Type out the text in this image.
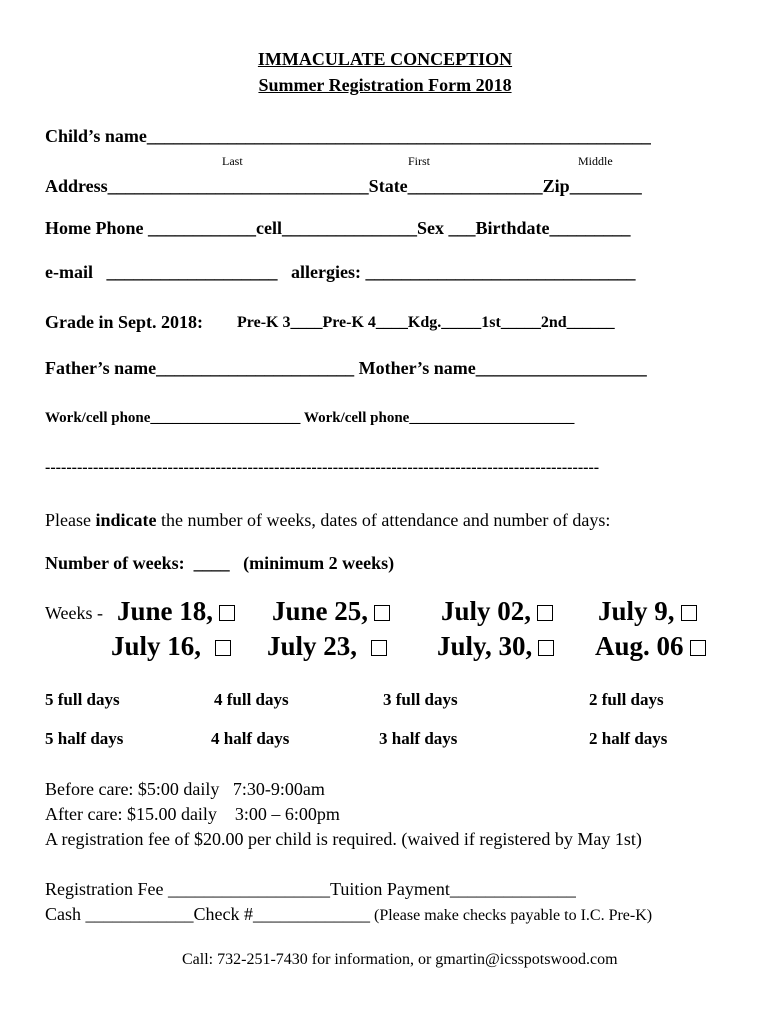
IMMACULATE CONCEPTION
Summer Registration Form 2018
Child’s name________________________________________________________
Last	First	Middle
Address_____________________________State_______________Zip________
Home Phone ____________cell_______________Sex ___Birthdate_________
e-mail   ___________________   allergies: ______________________________
Grade in Sept. 2018: Pre-K 3____Pre-K 4____Kdg._____1st_____2nd______
Father’s name______________________ Mother’s name___________________
Work/cell phone____________________ Work/cell phone______________________
--------------------------------------------------------------------------------------------------------
Please indicate the number of weeks, dates of attendance and number of days:
Number of weeks:  ____   (minimum 2 weeks)
Weeks - June 18,	June 25,	July 02,	July 9,
July 16,	July 23,	July, 30,	Aug. 06
5 full days	4 full days	3 full days	2 full days
5 half days	4 half days	3 half days	2 half days
Before care: $5:00 daily   7:30-9:00am
After care: $15.00 daily    3:00 – 6:00pm
A registration fee of $20.00 per child is required. (waived if registered by May 1st)
Registration Fee __________________Tuition Payment______________
Cash ____________Check #_____________ (Please make checks payable to I.C. Pre-K)
Call: 732-251-7430 for information, or gmartin@icsspotswood.com
